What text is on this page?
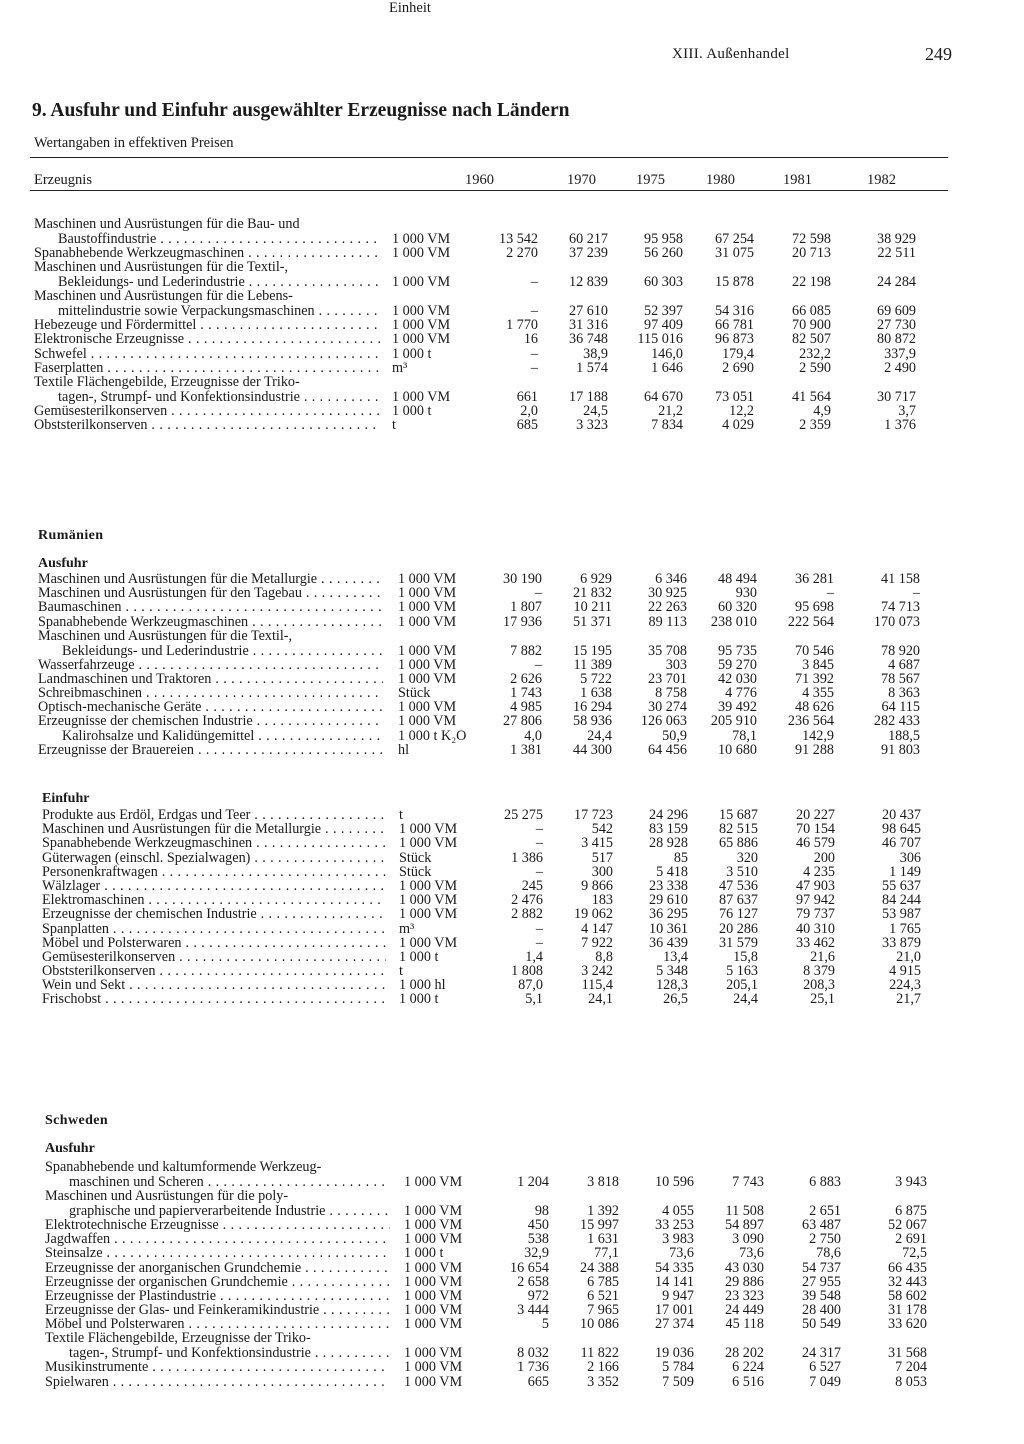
XIII. Außenhandel	249
9. Ausfuhr und Einfuhr ausgewählter Erzeugnisse nach Ländern
Wertangaben in effektiven Preisen
Erzeugnis
Einheit
1960	1970	1975	1980	1981	1982
Maschinen und Ausrüstungen für die Bau- und
Baustoffindustrie . . .	1 000 VM	13 542	60 217	95 958	67 254	72 598	38 929
Spanabhebende Werkzeugmaschinen . . .	1 000 VM	2 270	37 239	56 260	31 075	20 713	22 511
Maschinen und Ausrüstungen für die Textil-,
Bekleidungs- und Lederindustrie . . .	1 000 VM	–	12 839	60 303	15 878	22 198	24 284
Maschinen und Ausrüstungen für die Lebens-
mittelindustrie sowie Verpackungsmaschinen . . .	1 000 VM	–	27 610	52 397	54 316	66 085	69 609
Hebezeuge und Fördermittel . . .	1 000 VM	1 770	31 316	97 409	66 781	70 900	27 730
Elektronische Erzeugnisse . . .	1 000 VM	16	36 748	115 016	96 873	82 507	80 872
Schwefel . . .	1 000 t	–	38,9	146,0	179,4	232,2	337,9
Faserplatten . . .	m³	–	1 574	1 646	2 690	2 590	2 490
Textile Flächengebilde, Erzeugnisse der Triko-
tagen-, Strumpf- und Konfektionsindustrie . . .	1 000 VM	661	17 188	64 670	73 051	41 564	30 717
Gemüsesterilkonserven . . .	1 000 t	2,0	24,5	21,2	12,2	4,9	3,7
Obststerilkonserven . . .	t	685	3 323	7 834	4 029	2 359	1 376
Rumänien
Ausfuhr
Maschinen und Ausrüstungen für die Metallurgie . . .	1 000 VM	30 190	6 929	6 346	48 494	36 281	41 158
Maschinen und Ausrüstungen für den Tagebau . . .	1 000 VM	–	21 832	30 925	930	–	–
Baumaschinen . . .	1 000 VM	1 807	10 211	22 263	60 320	95 698	74 713
Spanabhebende Werkzeugmaschinen . . .	1 000 VM	17 936	51 371	89 113	238 010	222 564	170 073
Maschinen und Ausrüstungen für die Textil-,
Bekleidungs- und Lederindustrie . . .	1 000 VM	7 882	15 195	35 708	95 735	70 546	78 920
Wasserfahrzeuge . . .	1 000 VM	–	11 389	303	59 270	3 845	4 687
Landmaschinen und Traktoren . . .	1 000 VM	2 626	5 722	23 701	42 030	71 392	78 567
Schreibmaschinen . . .	Stück	1 743	1 638	8 758	4 776	4 355	8 363
Optisch-mechanische Geräte . . .	1 000 VM	4 985	16 294	30 274	39 492	48 626	64 115
Erzeugnisse der chemischen Industrie . . .	1 000 VM	27 806	58 936	126 063	205 910	236 564	282 433
Kalirohsalze und Kalidüngemittel . . .	1 000 t K₂O	4,0	24,4	50,9	78,1	142,9	188,5
Erzeugnisse der Brauereien . . .	hl	1 381	44 300	64 456	10 680	91 288	91 803
Einfuhr
Produkte aus Erdöl, Erdgas und Teer . . .	t	25 275	17 723	24 296	15 687	20 227	20 437
Maschinen und Ausrüstungen für die Metallurgie . . .	1 000 VM	–	542	83 159	82 515	70 154	98 645
Spanabhebende Werkzeugmaschinen . . .	1 000 VM	–	3 415	28 928	65 886	46 579	46 707
Güterwagen (einschl. Spezialwagen) . . .	Stück	1 386	517	85	320	200	306
Personenkraftwagen . . .	Stück	–	300	5 418	3 510	4 235	1 149
Wälzlager . . .	1 000 VM	245	9 866	23 338	47 536	47 903	55 637
Elektromaschinen . . .	1 000 VM	2 476	183	29 610	87 637	97 942	84 244
Erzeugnisse der chemischen Industrie . . .	1 000 VM	2 882	19 062	36 295	76 127	79 737	53 987
Spanplatten . . .	m³	–	4 147	10 361	20 286	40 310	1 765
Möbel und Polsterwaren . . .	1 000 VM	–	7 922	36 439	31 579	33 462	33 879
Gemüsesterilkonserven . . .	1 000 t	1,4	8,8	13,4	15,8	21,6	21,0
Obststerilkonserven . . .	t	1 808	3 242	5 348	5 163	8 379	4 915
Wein und Sekt . . .	1 000 hl	87,0	115,4	128,3	205,1	208,3	224,3
Frischobst . . .	1 000 t	5,1	24,1	26,5	24,4	25,1	21,7
Schweden
Ausfuhr
Spanabhebende und kaltumformende Werkzeug-
maschinen und Scheren . . .	1 000 VM	1 204	3 818	10 596	7 743	6 883	3 943
Maschinen und Ausrüstungen für die poly-
graphische und papierverarbeitende Industrie . . .	1 000 VM	98	1 392	4 055	11 508	2 651	6 875
Elektrotechnische Erzeugnisse . . .	1 000 VM	450	15 997	33 253	54 897	63 487	52 067
Jagdwaffen . . .	1 000 VM	538	1 631	3 983	3 090	2 750	2 691
Steinsalze . . .	1 000 t	32,9	77,1	73,6	73,6	78,6	72,5
Erzeugnisse der anorganischen Grundchemie . . .	1 000 VM	16 654	24 388	54 335	43 030	54 737	66 435
Erzeugnisse der organischen Grundchemie . . .	1 000 VM	2 658	6 785	14 141	29 886	27 955	32 443
Erzeugnisse der Plastindustrie . . .	1 000 VM	972	6 521	9 947	23 323	39 548	58 602
Erzeugnisse der Glas- und Feinkeramikindustrie . . .	1 000 VM	3 444	7 965	17 001	24 449	28 400	31 178
Möbel und Polsterwaren . . .	1 000 VM	5	10 086	27 374	45 118	50 549	33 620
Textile Flächengebilde, Erzeugnisse der Triko-
tagen-, Strumpf- und Konfektionsindustrie . . .	1 000 VM	8 032	11 822	19 036	28 202	24 317	31 568
Musikinstrumente . . .	1 000 VM	1 736	2 166	5 784	6 224	6 527	7 204
Spielwaren . . .	1 000 VM	665	3 352	7 509	6 516	7 049	8 053
